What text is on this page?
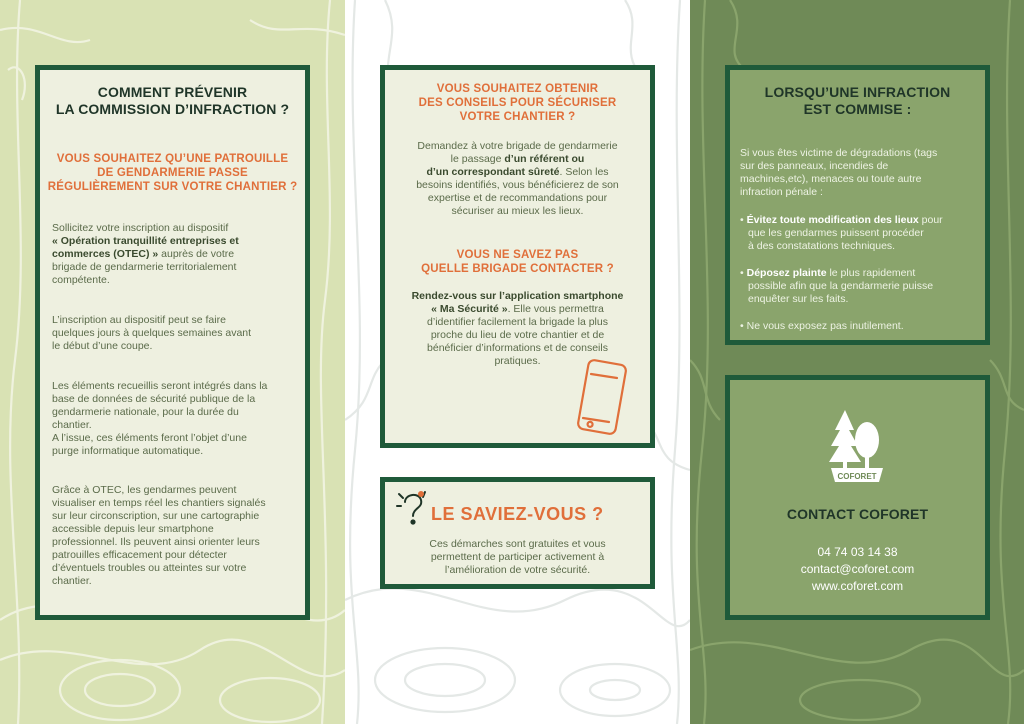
COMMENT PRÉVENIR
LA COMMISSION D’INFRACTION ?
VOUS SOUHAITEZ QU’UNE PATROUILLE
DE GENDARMERIE PASSE
RÉGULIÈREMENT SUR VOTRE CHANTIER ?
Sollicitez votre inscription au dispositif
« Opération tranquillité entreprises et
commerces (OTEC) » auprès de votre
brigade de gendarmerie territorialement
compétente.
L’inscription au dispositif peut se faire
quelques jours à quelques semaines avant
le début d’une coupe.
Les éléments recueillis seront intégrés dans la
base de données de sécurité publique de la
gendarmerie nationale, pour la durée du
chantier.
A l’issue, ces éléments feront l’objet d’une
purge informatique automatique.
Grâce à OTEC, les gendarmes peuvent
visualiser en temps réel les chantiers signalés
sur leur circonscription, sur une cartographie
accessible depuis leur smartphone
professionnel. Ils peuvent ainsi orienter leurs
patrouilles efficacement pour détecter
d’éventuels troubles ou atteintes sur votre
chantier.
VOUS SOUHAITEZ OBTENIR
DES CONSEILS POUR SÉCURISER
VOTRE CHANTIER ?
Demandez à votre brigade de gendarmerie
le passage d’un référent ou
d’un correspondant sûreté. Selon les
besoins identifiés, vous bénéficierez de son
expertise et de recommandations pour
sécuriser au mieux les lieux.
VOUS NE SAVEZ PAS
QUELLE BRIGADE CONTACTER ?
Rendez-vous sur l’application smartphone
« Ma Sécurité ». Elle vous permettra
d’identifier facilement la brigade la plus
proche du lieu de votre chantier et de
bénéficier d’informations et de conseils
pratiques.
LE SAVIEZ-VOUS ?
Ces démarches sont gratuites et vous
permettent de participer activement à
l’amélioration de votre sécurité.
LORSQU’UNE INFRACTION
EST COMMISE :
Si vous êtes victime de dégradations (tags
sur des panneaux, incendies de
machines,etc), menaces ou toute autre
infraction pénale :
• Évitez toute modification des lieux pour
que les gendarmes puissent procéder
à des constatations techniques.
• Déposez plainte le plus rapidement
possible afin que la gendarmerie puisse
enquêter sur les faits.
• Ne vous exposez pas inutilement.
COFORET
CONTACT COFORET
04 74 03 14 38
contact@coforet.com
www.coforet.com
